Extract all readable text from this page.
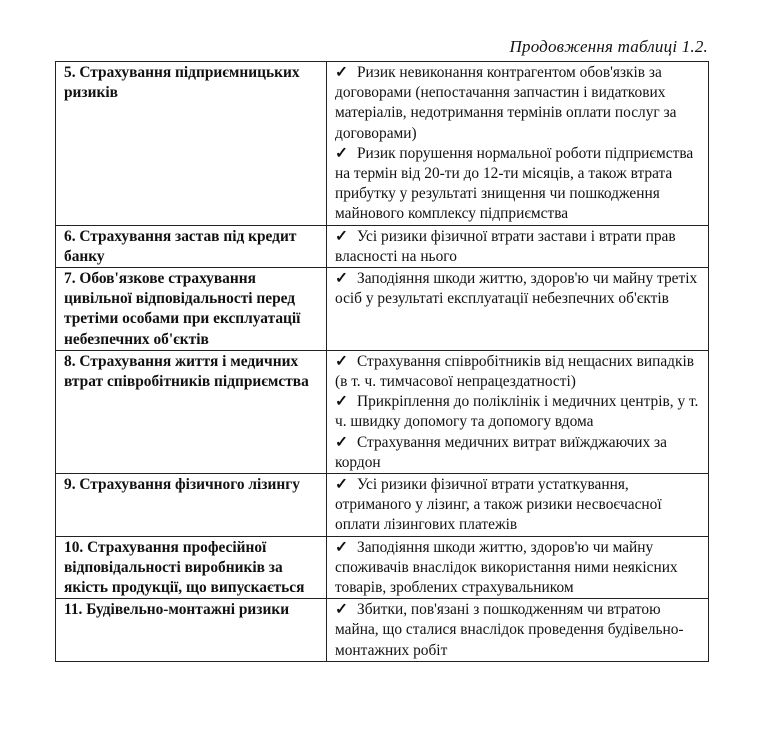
Продовження таблиці 1.2.
5. Страхування підприємницьких ризиків	✓ Ризик невиконання контрагентом обов'язків за договорами (непостачання запчастин і видаткових матеріалів, недотримання термінів оплати послуг за договорами)
✓ Ризик порушення нормальної роботи підприємства на термін від 20-ти до 12-ти місяців, а також втрата прибутку у результаті знищення чи пошкодження майнового комплексу підприємства

6. Страхування застав під кредит банку	✓ Усі ризики фізичної втрати застави і втрати прав власності на нього

7. Обов'язкове страхування цивільної відповідальності перед третіми особами при експлуатації небезпечних об'єктів	✓ Заподіяння шкоди життю, здоров'ю чи майну третіх осіб у результаті експлуатації небезпечних об'єктів

8. Страхування життя і медичних втрат співробітників підприємства	✓ Страхування співробітників від нещасних випадків (в т. ч. тимчасової непрацездатності)
✓ Прикріплення до поліклінік і медичних центрів, у т. ч. швидку допомогу та допомогу вдома
✓ Страхування медичних витрат виїжджаючих за кордон

9. Страхування фізичного лізингу	✓ Усі ризики фізичної втрати устаткування, отриманого у лізинг, а також ризики несвоєчасної оплати лізингових платежів

10. Страхування професійної відповідальності виробників за якість продукції, що випускається	✓ Заподіяння шкоди життю, здоров'ю чи майну споживачів внаслідок використання ними неякісних товарів, зроблених страхувальником

11. Будівельно-монтажні ризики	✓ Збитки, пов'язані з пошкодженням чи втратою майна, що сталися внаслідок проведення будівельно-монтажних робіт
